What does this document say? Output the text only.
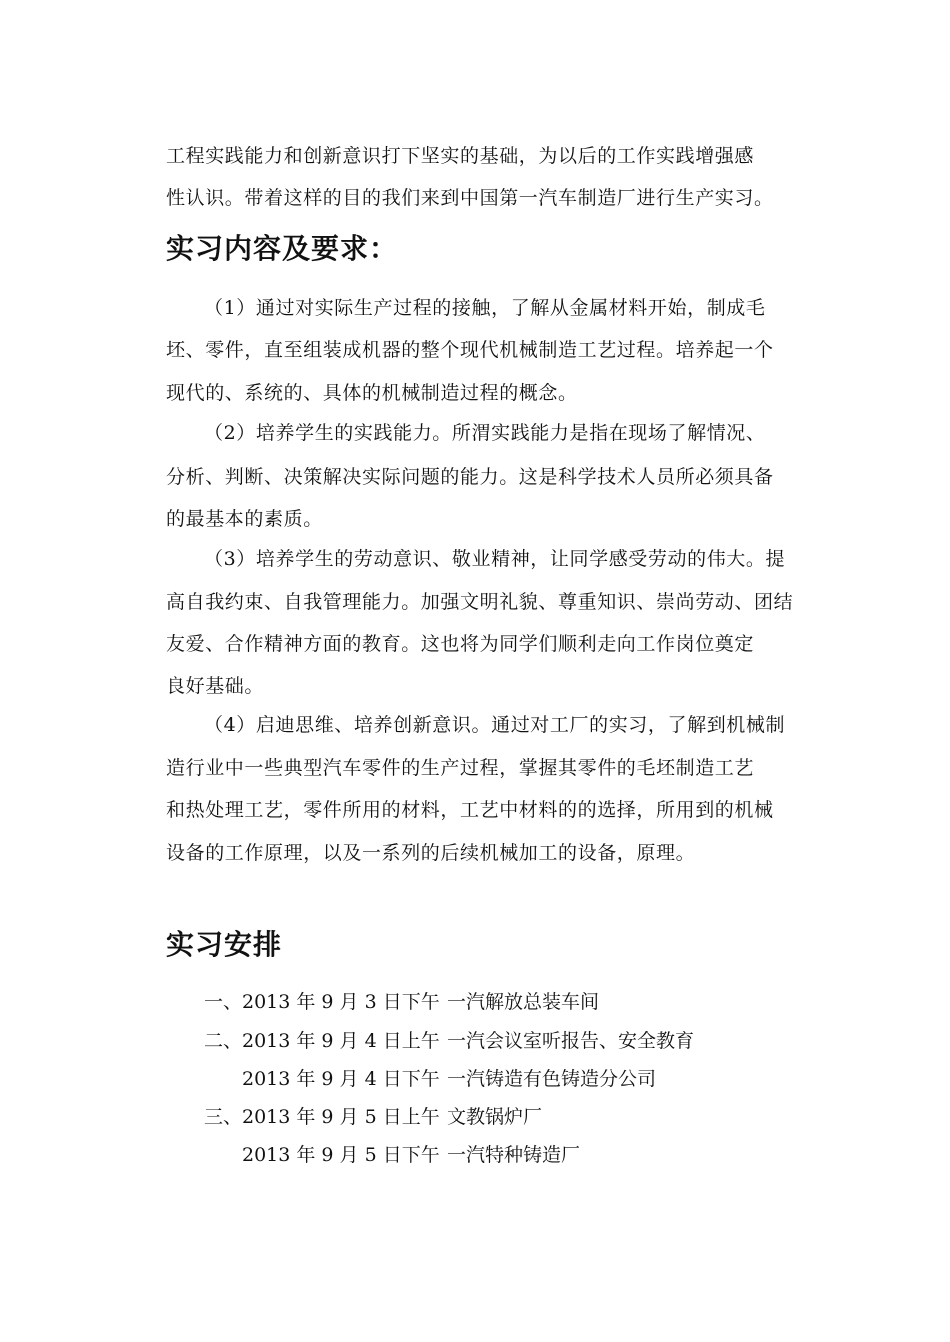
工程实践能力和创新意识打下坚实的基础，为以后的工作实践增强感
性认识。带着这样的目的我们来到中国第一汽车制造厂进行生产实习。
实习内容及要求：
（1）通过对实际生产过程的接触，了解从金属材料开始，制成毛
坯、零件，直至组装成机器的整个现代机械制造工艺过程。培养起一个
现代的、系统的、具体的机械制造过程的概念。
（2）培养学生的实践能力。所渭实践能力是指在现场了解情况、
分析、判断、决策解决实际问题的能力。这是科学技术人员所必须具备
的最基本的素质。
（3）培养学生的劳动意识、敬业精神，让同学感受劳动的伟大。提
高自我约束、自我管理能力。加强文明礼貌、尊重知识、崇尚劳动、团结
友爱、合作精神方面的教育。这也将为同学们顺利走向工作岗位奠定
良好基础。
（4）启迪思维、培养创新意识。通过对工厂的实习，了解到机械制
造行业中一些典型汽车零件的生产过程，掌握其零件的毛坯制造工艺
和热处理工艺，零件所用的材料，工艺中材料的的选择，所用到的机械
设备的工作原理，以及一系列的后续机械加工的设备，原理。
实习安排
一、 2013 年 9 月 3 日下午 一汽解放总装车间
二、 2013 年 9 月 4 日上午 一汽会议室听报告、安全教育
2013 年 9 月 4 日下午 一汽铸造有色铸造分公司
三、 2013 年 9 月 5 日上午 文教锅炉厂
2013 年 9 月 5 日下午 一汽特种铸造厂
